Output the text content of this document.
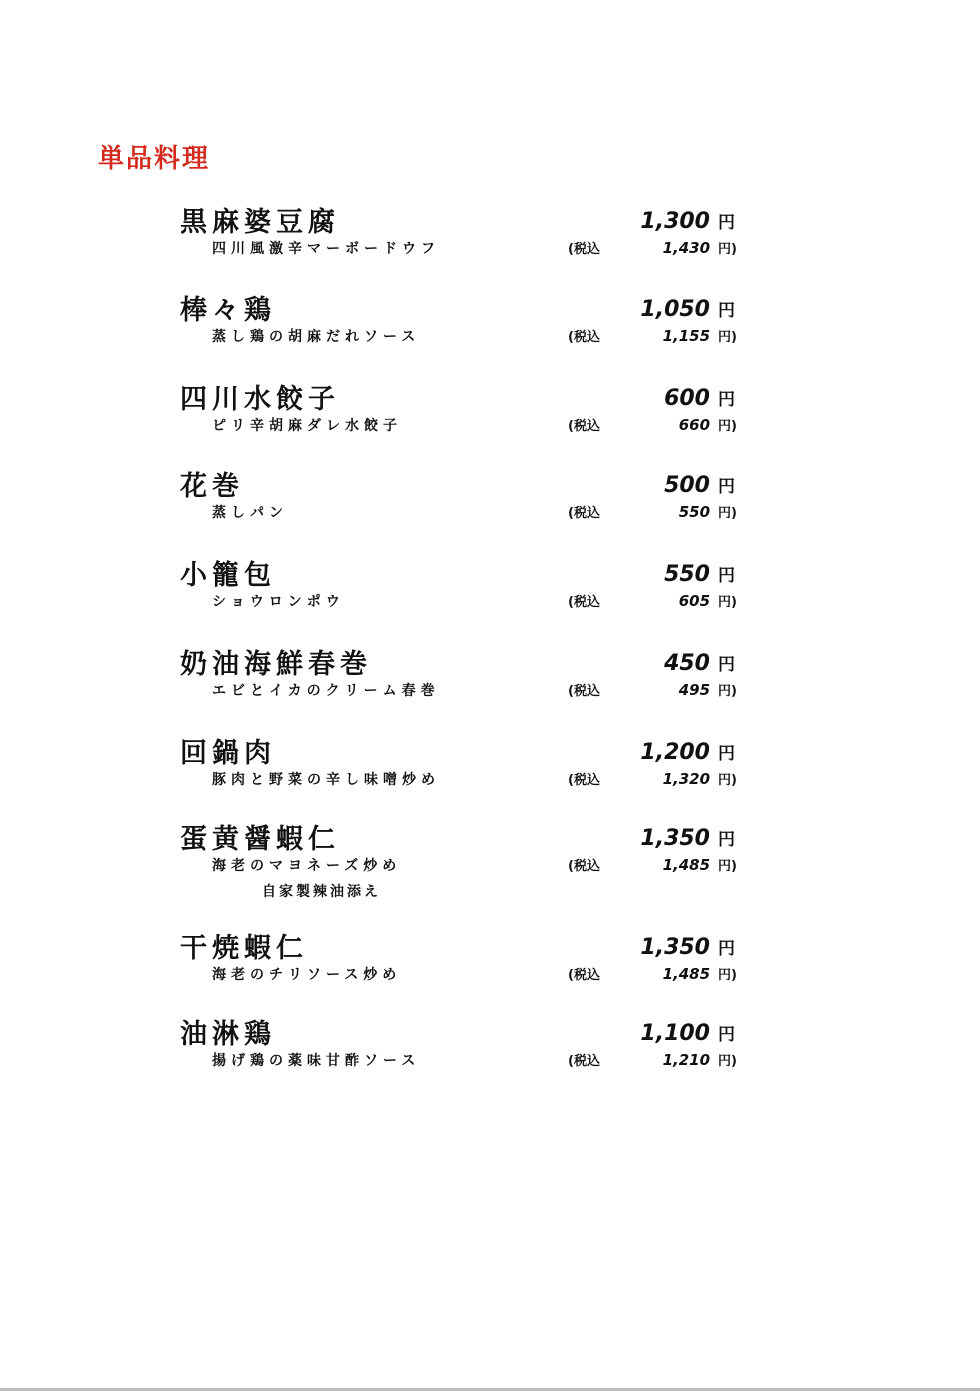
単品料理
黒麻婆豆腐
四川風激辛マーボードウフ	(税込
1,300 円
1,430 円)
棒々鶏
蒸し鶏の胡麻だれソース	(税込
1,050 円
1,155 円)
四川水餃子
ピリ辛胡麻ダレ水餃子	(税込
600 円
660 円)
花巻
蒸しパン	(税込
500 円
550 円)
小籠包
ショウロンポウ	(税込
550 円
605 円)
奶油海鮮春巻
エビとイカのクリーム春巻	(税込
450 円
495 円)
回鍋肉
豚肉と野菜の辛し味噌炒め	(税込
1,200 円
1,320 円)
蛋黄醤蝦仁
海老のマヨネーズ炒め
自家製辣油添え
(税込
1,350 円
1,485 円)
干焼蝦仁
海老のチリソース炒め	(税込
1,350 円
1,485 円)
油淋鶏
揚げ鶏の薬味甘酢ソース	(税込
1,100 円
1,210 円)
